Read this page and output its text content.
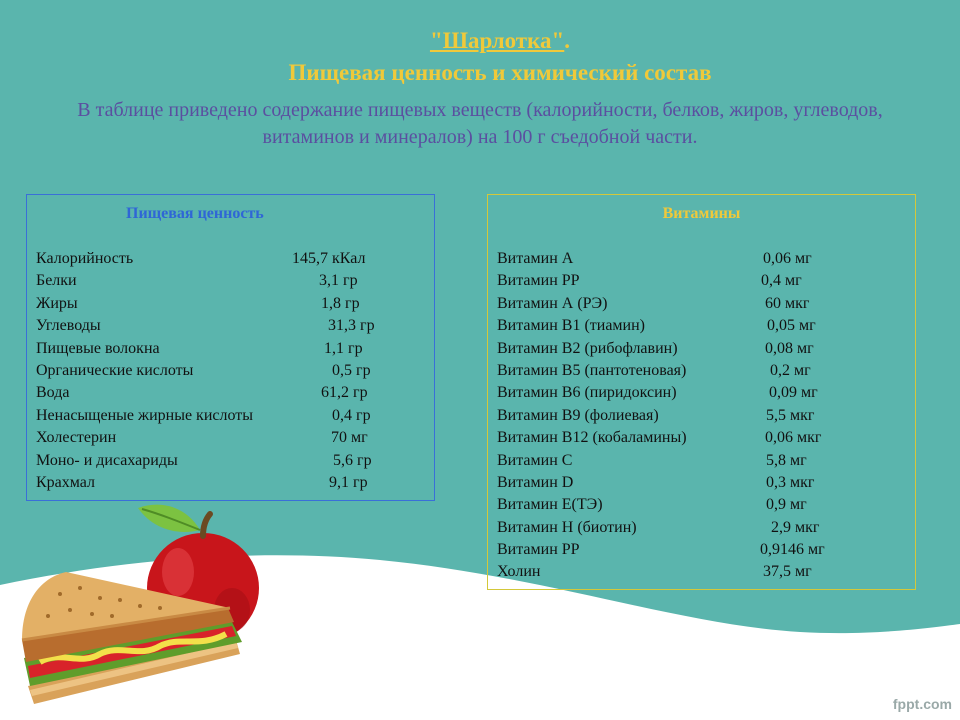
"Шарлотка".
Пищевая ценность и химический состав
В таблице приведено содержание пищевых веществ (калорийности, белков, жиров, углеводов, витаминов и минералов) на 100 г съедобной части.
Пищевая ценность
Калорийность	145,7 кКал
Белки	3,1 гр
Жиры	1,8 гр
Углеводы	31,3 гр
Пищевые волокна	1,1 гр
Органические кислоты	0,5 гр
Вода	61,2 гр
Ненасыщеные жирные кислоты	0,4 гр
Холестерин	70 мг
Моно- и дисахариды	5,6 гр
Крахмал	9,1 гр
Витамины
Витамин А	0,06 мг
Витамин РР	0,4 мг
Витамин А (РЭ)	60 мкг
Витамин В1 (тиамин)	0,05 мг
Витамин В2 (рибофлавин)	0,08 мг
Витамин В5 (пантотеновая)	0,2 мг
Витамин В6 (пиридоксин)	0,09 мг
Витамин В9 (фолиевая)	5,5 мкг
Витамин В12 (кобаламины)	0,06 мкг
Витамин С	5,8 мг
Витамин D	0,3 мкг
Витамин Е(ТЭ)	0,9 мг
Витамин Н (биотин)	2,9 мкг
Витамин РР	0,9146 мг
Холин	37,5 мг
fppt.com
